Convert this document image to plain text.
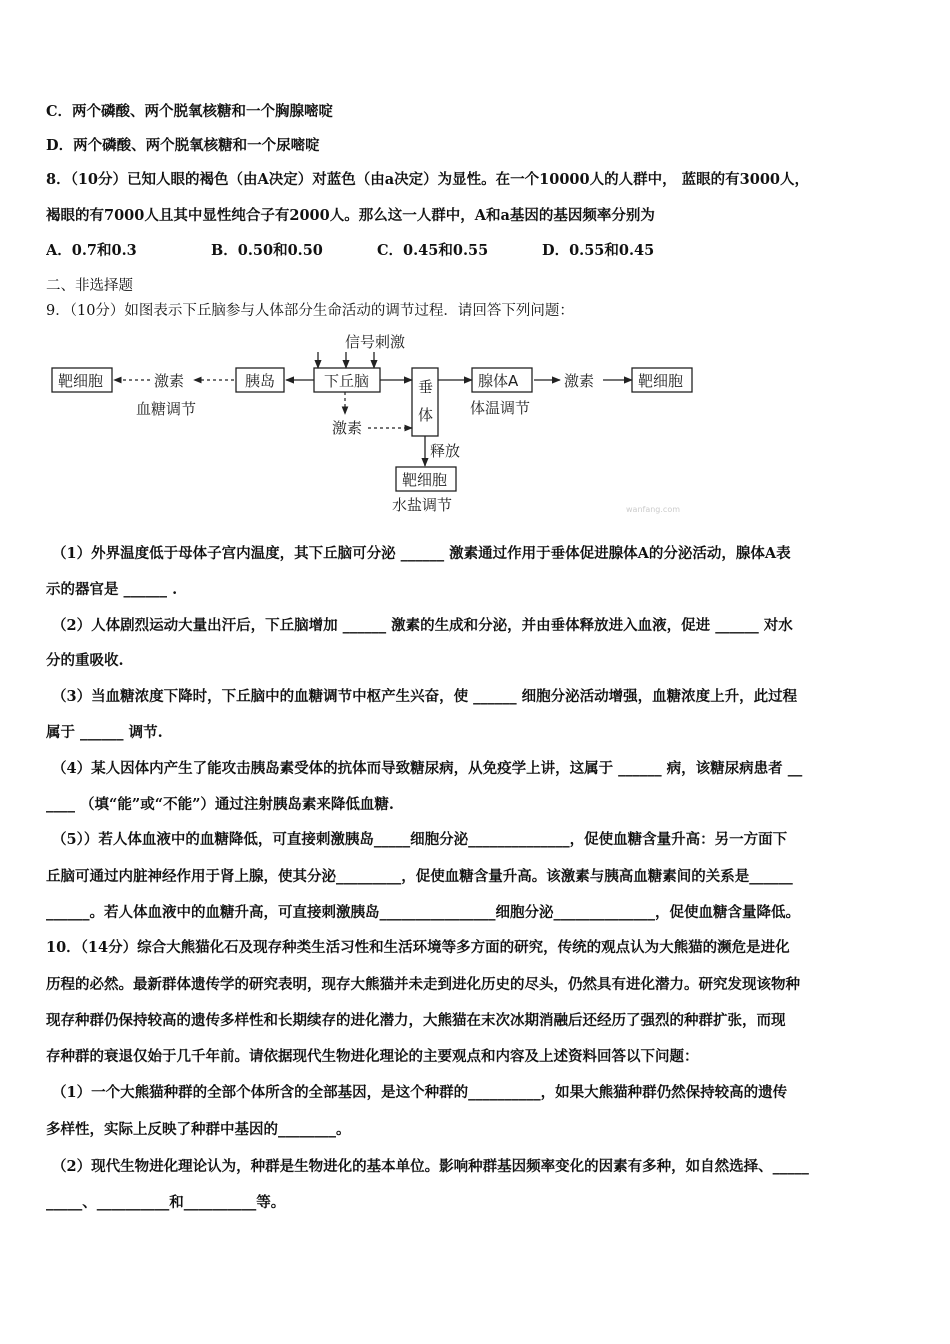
C．两个磷酸、两个脱氧核糖和一个胸腺嘧啶
D．两个磷酸、两个脱氧核糖和一个尿嘧啶
8．（10分）已知人眼的褐色（由A决定）对蓝色（由a决定）为显性。在一个10000人的人群中， 蓝眼的有3000人，
褐眼的有7000人且其中显性纯合子有2000人。那么这一人群中，A和a基因的基因频率分别为
A．0.7和0.3	B．0.50和0.50	C．0.45和0.55	D．0.55和0.45
二、非选择题
9．（10分）如图表示下丘脑参与人体部分生命活动的调节过程．请回答下列问题：
信号刺激
靶细胞	激素	胰岛	下丘脑
激素
垂
体
腺体A	激素	靶细胞
释放
靶细胞
血糖调节	体温调节
水盐调节	wanfang.com
（1）外界温度低于母体子宫内温度，其下丘脑可分泌 ______ 激素通过作用于垂体促进腺体A的分泌活动，腺体A表
示的器官是 ______ .
（2）人体剧烈运动大量出汗后，下丘脑增加 ______ 激素的生成和分泌，并由垂体释放进入血液，促进 ______ 对水
分的重吸收.
（3）当血糖浓度下降时，下丘脑中的血糖调节中枢产生兴奋，使 ______ 细胞分泌活动增强，血糖浓度上升，此过程
属于 ______ 调节.
（4）某人因体内产生了能攻击胰岛素受体的抗体而导致糖尿病，从免疫学上讲，这属于 ______ 病，该糖尿病患者 __
____ （填“能”或“不能”）通过注射胰岛素来降低血糖.
（5））若人体血液中的血糖降低，可直接刺激胰岛_____细胞分泌______________，促使血糖含量升高：另一方面下
丘脑可通过内脏神经作用于肾上腺，使其分泌_________，促使血糖含量升高。该激素与胰高血糖素间的关系是______
______。若人体血液中的血糖升高，可直接刺激胰岛________________细胞分泌______________，促使血糖含量降低。
10．（14分）综合大熊猫化石及现存种类生活习性和生活环境等多方面的研究，传统的观点认为大熊猫的濒危是进化
历程的必然。最新群体遗传学的研究表明，现存大熊猫并未走到进化历史的尽头，仍然具有进化潜力。研究发现该物种
现存种群仍保持较高的遗传多样性和长期续存的进化潜力，大熊猫在末次冰期消融后还经历了强烈的种群扩张，而现
存种群的衰退仅始于几千年前。请依据现代生物进化理论的主要观点和内容及上述资料回答以下问题：
（1）一个大熊猫种群的全部个体所含的全部基因，是这个种群的__________，如果大熊猫种群仍然保持较高的遗传
多样性，实际上反映了种群中基因的________。
（2）现代生物进化理论认为，种群是生物进化的基本单位。影响种群基因频率变化的因素有多种，如自然选择、_____
_____、__________和__________等。
